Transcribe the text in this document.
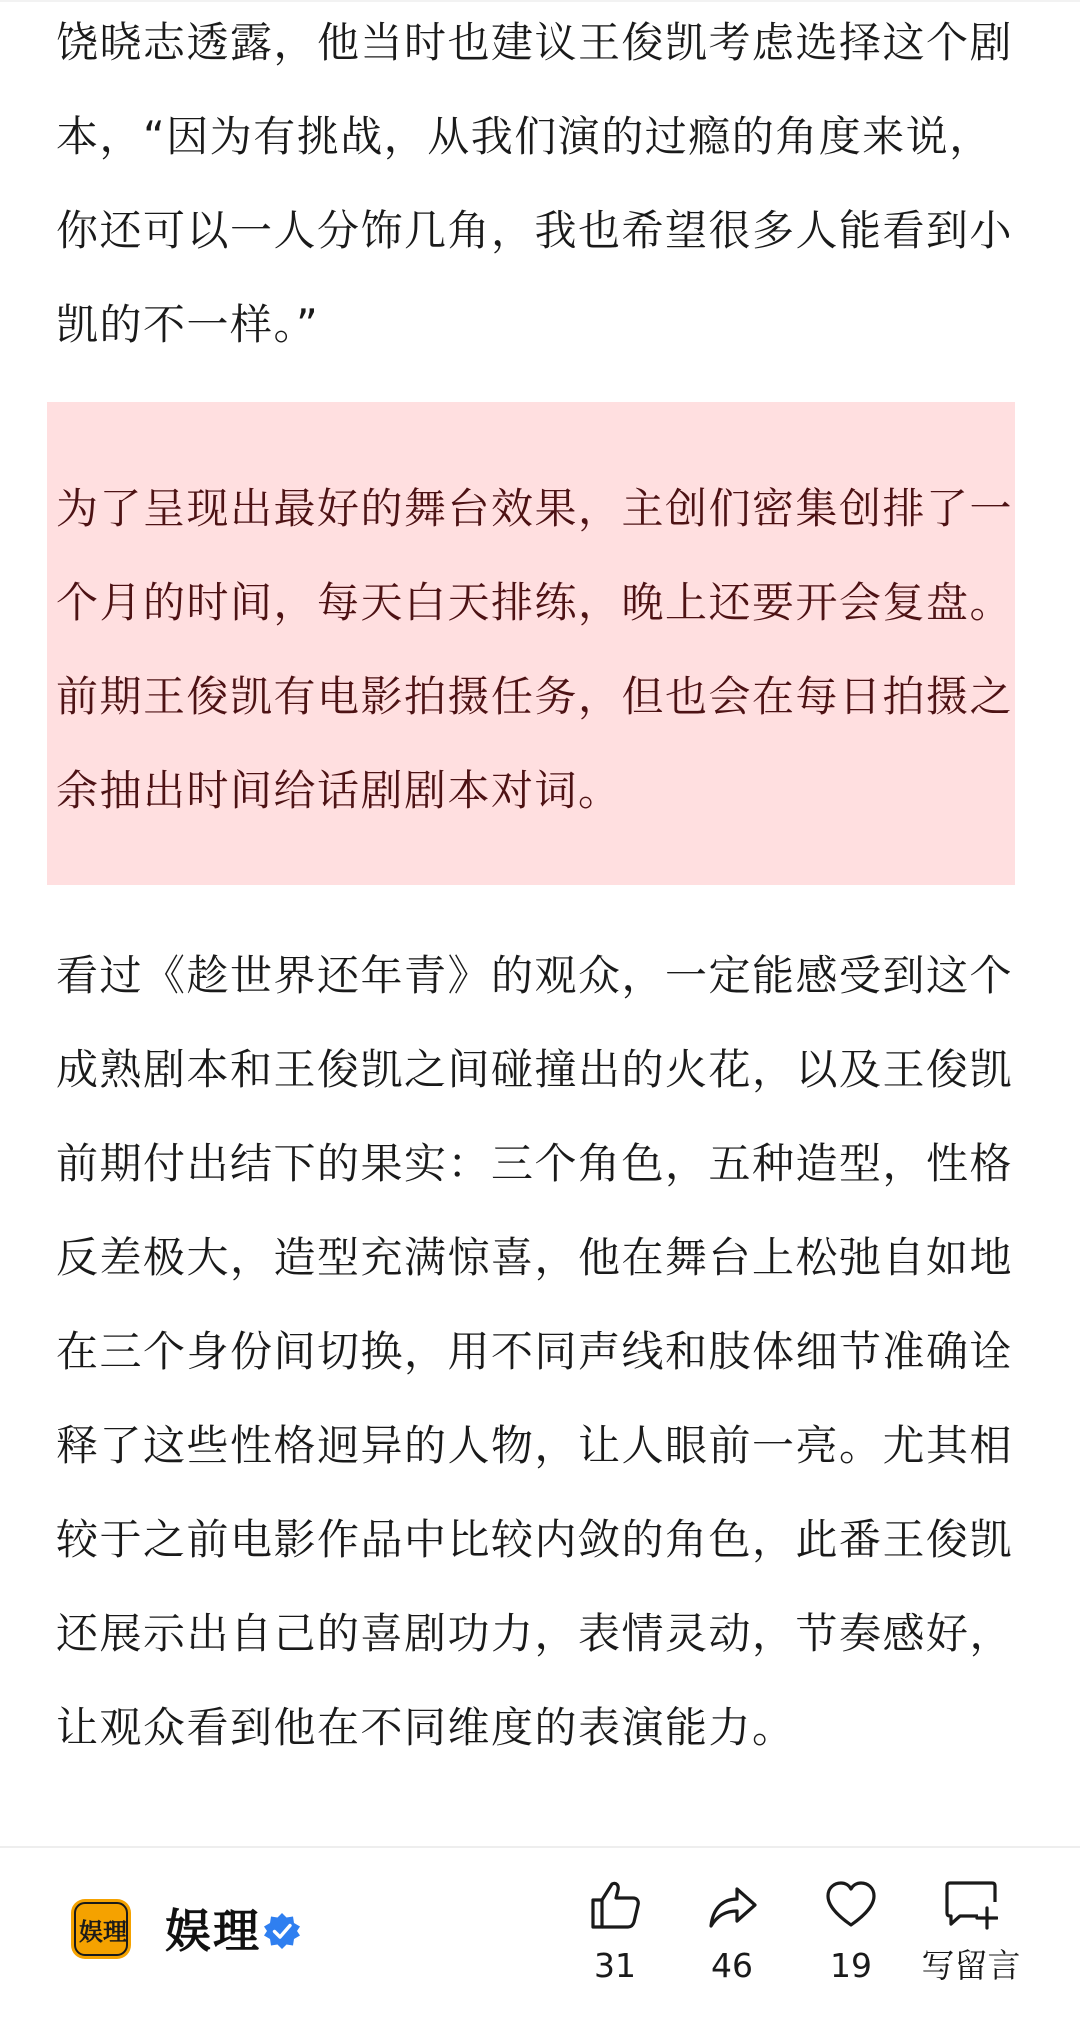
饶晓志透露，他当时也建议王俊凯考虑选择这个剧本，“因为有挑战，从我们演的过瘾的角度来说，你还可以一人分饰几角，我也希望很多人能看到小凯的不一样。”

为了呈现出最好的舞台效果，主创们密集创排了一个月的时间，每天白天排练，晚上还要开会复盘。前期王俊凯有电影拍摄任务，但也会在每日拍摄之余抽出时间给话剧剧本对词。

看过《趁世界还年青》的观众，一定能感受到这个成熟剧本和王俊凯之间碰撞出的火花，以及王俊凯前期付出结下的果实：三个角色，五种造型，性格反差极大，造型充满惊喜，他在舞台上松弛自如地在三个身份间切换，用不同声线和肢体细节准确诠释了这些性格迥异的人物，让人眼前一亮。尤其相较于之前电影作品中比较内敛的角色，此番王俊凯还展示出自己的喜剧功力，表情灵动，节奏感好，让观众看到他在不同维度的表演能力。

娱理 娱理
31	46	19	写留言
